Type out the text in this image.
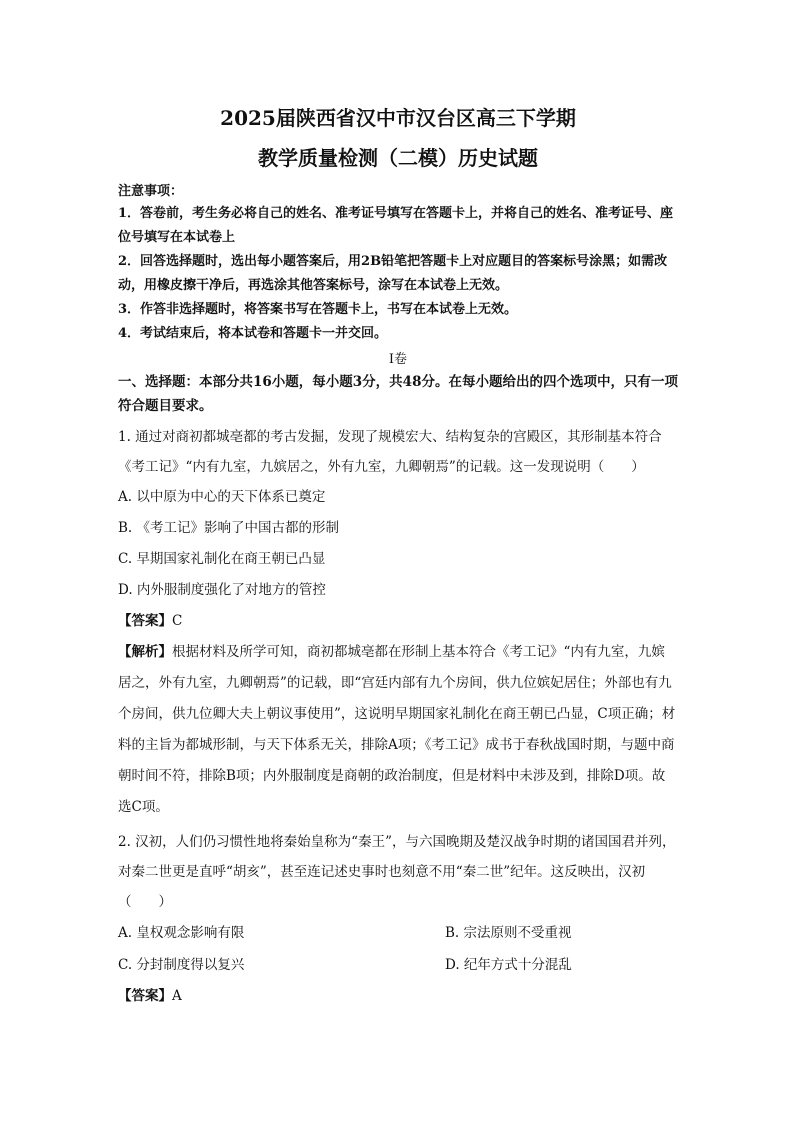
2025届陕西省汉中市汉台区高三下学期
教学质量检测（二模）历史试题
注意事项：
1．答卷前，考生务必将自己的姓名、准考证号填写在答题卡上，并将自己的姓名、准考证号、座位号填写在本试卷上
2．回答选择题时，选出每小题答案后，用2B铅笔把答题卡上对应题目的答案标号涂黑；如需改动，用橡皮擦干净后，再选涂其他答案标号，涂写在本试卷上无效。
3．作答非选择题时，将答案书写在答题卡上，书写在本试卷上无效。
4．考试结束后，将本试卷和答题卡一并交回。
Ⅰ卷
一、选择题：本部分共16小题，每小题3分，共48分。在每小题给出的四个选项中，只有一项符合题目要求。
1. 通过对商初都城亳都的考古发掘，发现了规模宏大、结构复杂的宫殿区，其形制基本符合《考工记》“内有九室，九嫔居之，外有九室，九卿朝焉”的记载。这一发现说明（　　）
A. 以中原为中心的天下体系已奠定
B. 《考工记》影响了中国古都的形制
C. 早期国家礼制化在商王朝已凸显
D. 内外服制度强化了对地方的管控
【答案】C
【解析】根据材料及所学可知，商初都城亳都在形制上基本符合《考工记》“内有九室，九嫔居之，外有九室，九卿朝焉”的记载，即“宫廷内部有九个房间，供九位嫔妃居住；外部也有九个房间，供九位卿大夫上朝议事使用”，这说明早期国家礼制化在商王朝已凸显，C项正确；材料的主旨为都城形制，与天下体系无关，排除A项；《考工记》成书于春秋战国时期，与题中商朝时间不符，排除B项；内外服制度是商朝的政治制度，但是材料中未涉及到，排除D项。故选C项。
2. 汉初，人们仍习惯性地将秦始皇称为“秦王”，与六国晚期及楚汉战争时期的诸国国君并列，对秦二世更是直呼“胡亥”，甚至连记述史事时也刻意不用“秦二世”纪年。这反映出，汉初（　　）
A. 皇权观念影响有限	B. 宗法原则不受重视
C. 分封制度得以复兴	D. 纪年方式十分混乱
【答案】A
